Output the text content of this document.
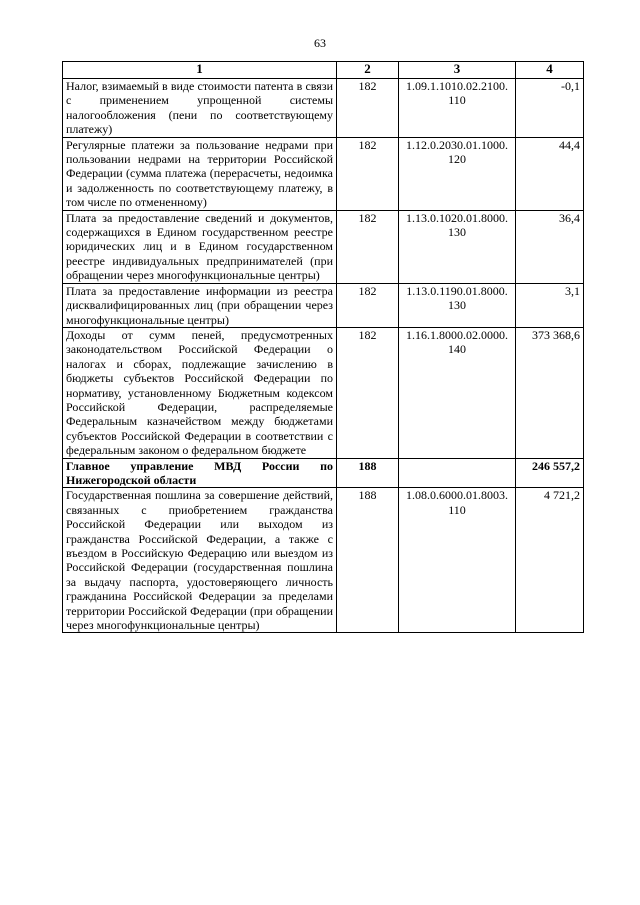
63
1	2	3	4
Налог, взимаемый в виде стоимости патента в связи с применением упрощенной системы налогообложения (пени по соответствующему платежу)	182	1.09.1.1010.02.2100. 110	-0,1
Регулярные платежи за пользование недрами при пользовании недрами на территории Российской Федерации (сумма платежа (перерасчеты, недоимка и задолженность по соответствующему платежу, в том числе по отмененному)	182	1.12.0.2030.01.1000. 120	44,4
Плата за предоставление сведений и документов, содержащихся в Едином государственном реестре юридических лиц и в Едином государственном реестре индивидуальных предпринимателей (при обращении через многофункциональные центры)	182	1.13.0.1020.01.8000. 130	36,4
Плата за предоставление информации из реестра дисквалифицированных лиц (при обращении через многофункциональные центры)	182	1.13.0.1190.01.8000. 130	3,1
Доходы от сумм пеней, предусмотренных законодательством Российской Федерации о налогах и сборах, подлежащие зачислению в бюджеты субъектов Российской Федерации по нормативу, установленному Бюджетным кодексом Российской Федерации, распределяемые Федеральным казначейством между бюджетами субъектов Российской Федерации в соответствии с федеральным законом о федеральном бюджете	182	1.16.1.8000.02.0000. 140	373 368,6
Главное управление МВД России по Нижегородской области	188		246 557,2
Государственная пошлина за совершение действий, связанных с приобретением гражданства Российской Федерации или выходом из гражданства Российской Федерации, а также с въездом в Российскую Федерацию или выездом из Российской Федерации (государственная пошлина за выдачу паспорта, удостоверяющего личность гражданина Российской Федерации за пределами территории Российской Федерации (при обращении через многофункциональные центры)	188	1.08.0.6000.01.8003. 110	4 721,2
